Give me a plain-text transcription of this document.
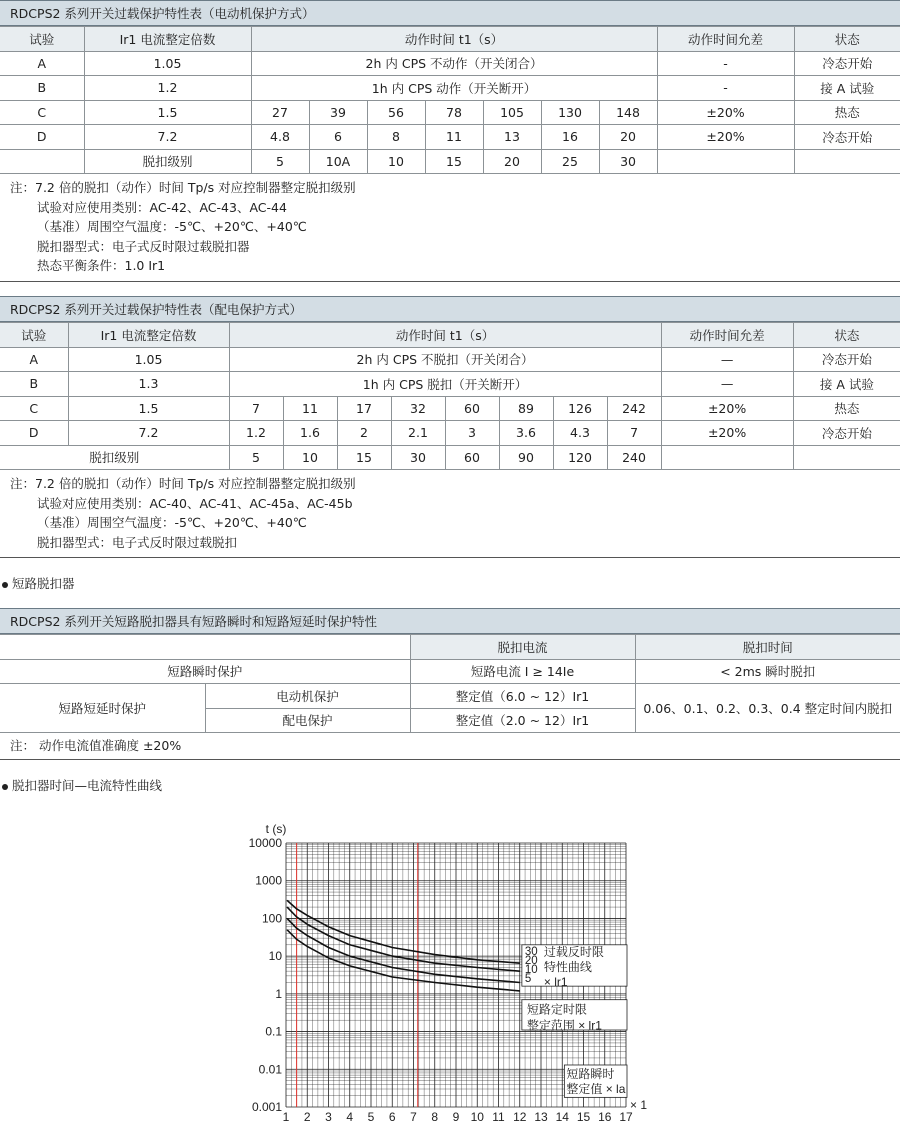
RDCPS2 系列开关过载保护特性表（电动机保护方式）
试验	Ir1 电流整定倍数	动作时间 t1（s）							动作时间允差	状态
A	1.05	2h 内 CPS 不动作（开关闭合）							-	冷态开始
B	1.2	1h 内 CPS 动作（开关断开）							-	接 A 试验
C	1.5	27	39	56	78	105	130	148	±20%	热态
D	7.2	4.8	6	8	11	13	16	20	±20%	冷态开始
	脱扣级别	5	10A	10	15	20	25	30		
注：7.2 倍的脱扣（动作）时间 Tp/s 对应控制器整定脱扣级别
试验对应使用类别：AC-42、AC-43、AC-44
（基准）周围空气温度：-5℃、+20℃、+40℃
脱扣器型式：电子式反时限过载脱扣器
热态平衡条件：1.0 Ir1
RDCPS2 系列开关过载保护特性表（配电保护方式）
试验	Ir1 电流整定倍数	动作时间 t1（s）								动作时间允差	状态
A	1.05	2h 内 CPS 不脱扣（开关闭合）								—	冷态开始
B	1.3	1h 内 CPS 脱扣（开关断开）								—	接 A 试验
C	1.5	7	11	17	32	60	89	126	242	±20%	热态
D	7.2	1.2	1.6	2	2.1	3	3.6	4.3	7	±20%	冷态开始
脱扣级别		5	10	15	30	60	90	120	240		
注：7.2 倍的脱扣（动作）时间 Tp/s 对应控制器整定脱扣级别
试验对应使用类别：AC-40、AC-41、AC-45a、AC-45b
（基准）周围空气温度：-5℃、+20℃、+40℃
脱扣器型式：电子式反时限过载脱扣
短路脱扣器
RDCPS2 系列开关短路脱扣器具有短路瞬时和短路短延时保护特性
		脱扣电流	脱扣时间
短路瞬时保护		短路电流 I ≥ 14Ie	< 2ms 瞬时脱扣
短路短延时保护	电动机保护	整定值（6.0 ~ 12）Ir1	0.06、0.1、0.2、0.3、0.4 整定时间内脱扣
	配电保护	整定值（2.0 ~ 12）Ir1	
注： 动作电流值准确度 ±20%
脱扣器时间—电流特性曲线
10000
1000
100
10
1
0.1
0.01
0.001
1 2 3 4 5 6 7 8 9 10 11 12 13 14 15 16 17
t (s)
× 1
30
20
10
5
过载反时限
特性曲线
× lr1
短路定时限
整定范围 × lr1
短路瞬时
整定值 × la
